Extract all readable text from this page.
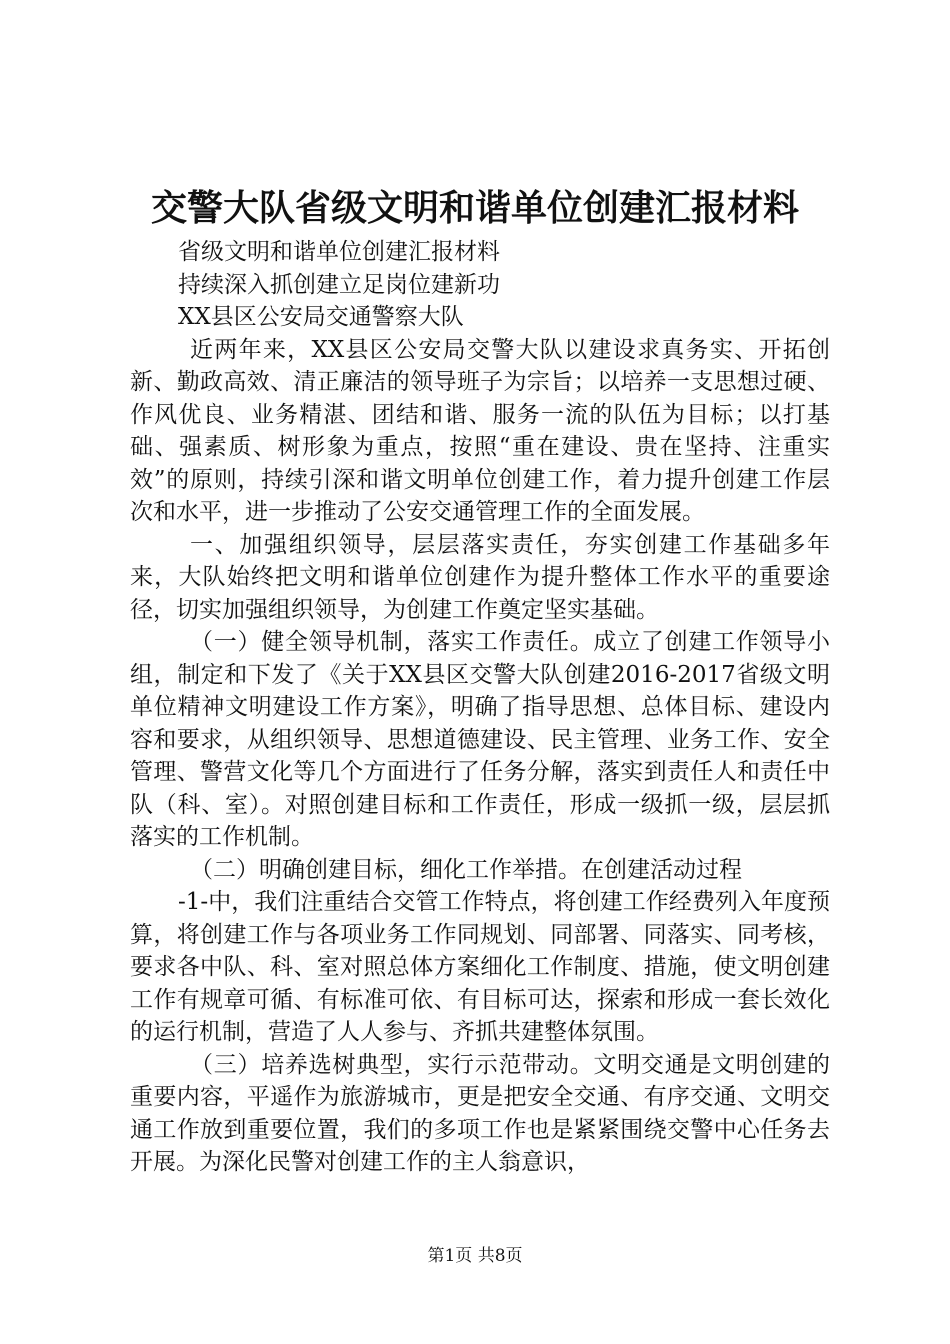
交警大队省级文明和谐单位创建汇报材料

省级文明和谐单位创建汇报材料

持续深入抓创建立足岗位建新功

XX县区公安局交通警察大队

近两年来，XX县区公安局交警大队以建设求真务实、开拓创新、勤政高效、清正廉洁的领导班子为宗旨；以培养一支思想过硬、作风优良、业务精湛、团结和谐、服务一流的队伍为目标；以打基础、强素质、树形象为重点，按照“重在建设、贵在坚持、注重实效”的原则，持续引深和谐文明单位创建工作，着力提升创建工作层次和水平，进一步推动了公安交通管理工作的全面发展。

一、加强组织领导，层层落实责任，夯实创建工作基础多年来，大队始终把文明和谐单位创建作为提升整体工作水平的重要途径，切实加强组织领导，为创建工作奠定坚实基础。

（一）健全领导机制，落实工作责任。成立了创建工作领导小组，制定和下发了《关于XX县区交警大队创建2016-2017省级文明单位精神文明建设工作方案》，明确了指导思想、总体目标、建设内容和要求，从组织领导、思想道德建设、民主管理、业务工作、安全管理、警营文化等几个方面进行了任务分解，落实到责任人和责任中队（科、室）。对照创建目标和工作责任，形成一级抓一级，层层抓落实的工作机制。

（二）明确创建目标，细化工作举措。在创建活动过程

-1-中，我们注重结合交管工作特点，将创建工作经费列入年度预算，将创建工作与各项业务工作同规划、同部署、同落实、同考核，要求各中队、科、室对照总体方案细化工作制度、措施，使文明创建工作有规章可循、有标准可依、有目标可达，探索和形成一套长效化的运行机制，营造了人人参与、齐抓共建整体氛围。

（三）培养选树典型，实行示范带动。文明交通是文明创建的重要内容，平遥作为旅游城市，更是把安全交通、有序交通、文明交通工作放到重要位置，我们的多项工作也是紧紧围绕交警中心任务去开展。为深化民警对创建工作的主人翁意识，

第1页 共8页
